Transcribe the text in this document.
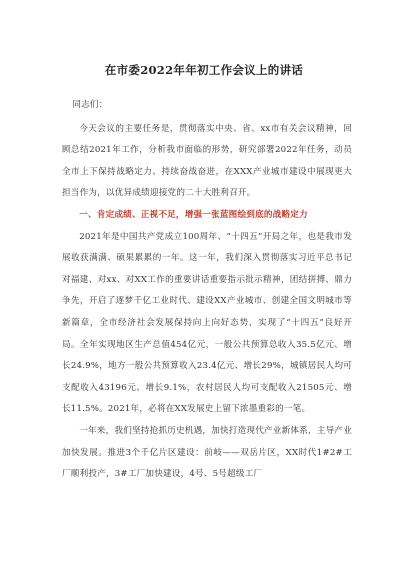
在市委2022年年初工作会议上的讲话

同志们：

今天会议的主要任务是，贯彻落实中央、省、xx市有关会议精神，回顾总结2021年工作，分析我市面临的形势，研究部署2022年任务，动员全市上下保持战略定力、持续奋战奋进，在XXX产业城市建设中展现更大担当作为，以优异成绩迎接党的二十大胜利召开。

一、肯定成绩、正视不足，增强一张蓝图绘到底的战略定力

2021年是中国共产党成立100周年、“十四五”开局之年，也是我市发展收获满满、硕果累累的一年。这一年，我们深入贯彻落实习近平总书记对福建、对xx、对XX工作的重要讲话重要指示批示精神，团结拼搏、鼎力争先，开启了逐梦千亿工业时代、建设XX产业城市、创建全国文明城市等新篇章，全市经济社会发展保持向上向好态势，实现了“十四五”良好开局。全年实现地区生产总值454亿元，一般公共预算总收入35.5亿元、增长24.9%，地方一般公共预算收入23.4亿元、增长29%，城镇居民人均可支配收入43196元、增长9.1%，农村居民人均可支配收入21505元、增长11.5%。2021年，必将在XX发展史上留下浓墨重彩的一笔。

一年来，我们坚持抢抓历史机遇，加快打造现代产业新体系，主导产业加快发展。推进3个千亿片区建设：前岐——双岳片区，XX时代1#2#工厂顺利投产，3#工厂加快建设，4号、5号超级工厂
